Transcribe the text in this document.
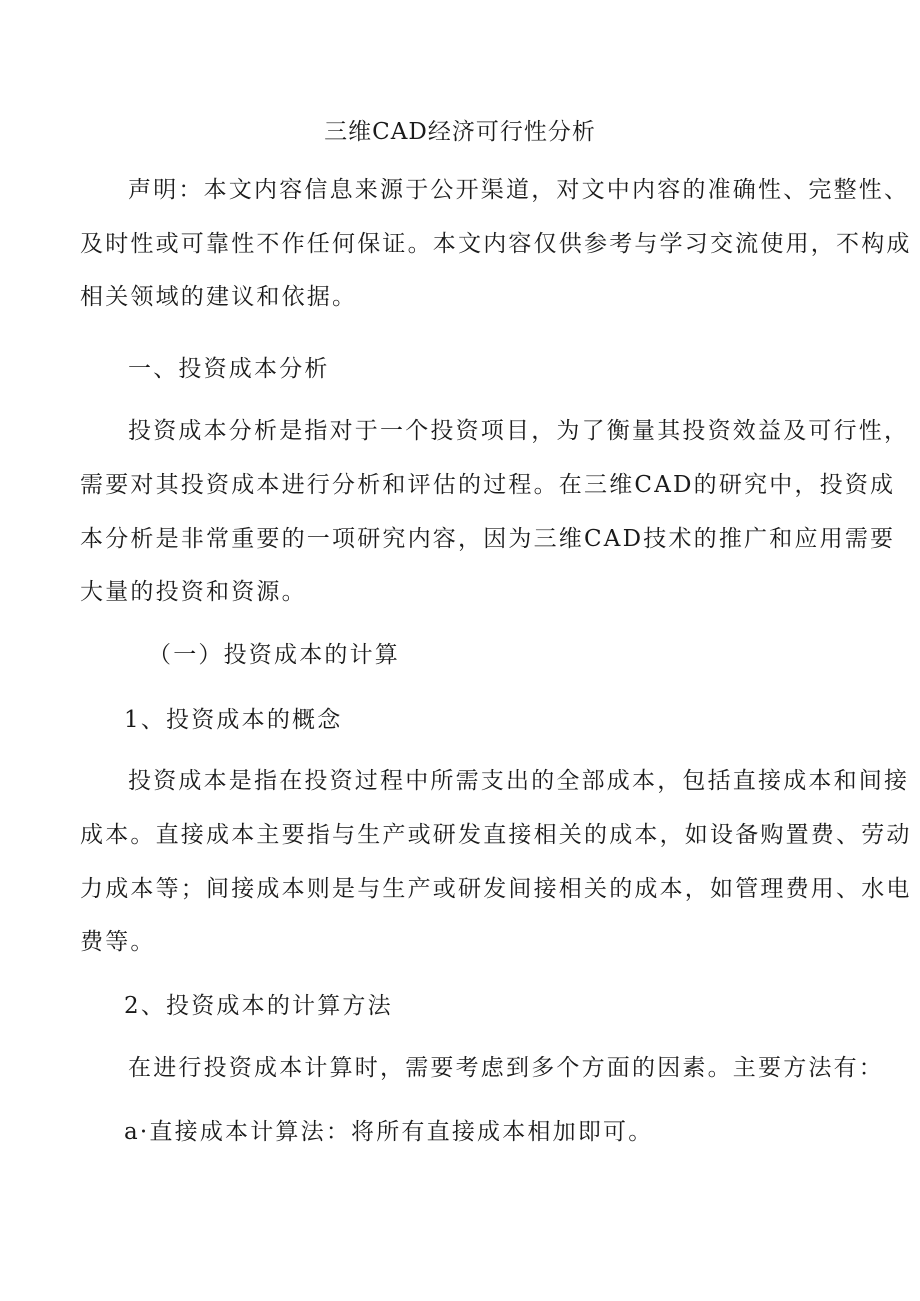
三维CAD经济可行性分析
声明：本文内容信息来源于公开渠道，对文中内容的准确性、完整性、
及时性或可靠性不作任何保证。本文内容仅供参考与学习交流使用，不构成
相关领域的建议和依据。
一、投资成本分析
投资成本分析是指对于一个投资项目，为了衡量其投资效益及可行性，
需要对其投资成本进行分析和评估的过程。在三维CAD的研究中，投资成
本分析是非常重要的一项研究内容，因为三维CAD技术的推广和应用需要
大量的投资和资源。
（一）投资成本的计算
1、投资成本的概念
投资成本是指在投资过程中所需支出的全部成本，包括直接成本和间接
成本。直接成本主要指与生产或研发直接相关的成本，如设备购置费、劳动
力成本等；间接成本则是与生产或研发间接相关的成本，如管理费用、水电
费等。
2、投资成本的计算方法
在进行投资成本计算时，需要考虑到多个方面的因素。主要方法有：
a·直接成本计算法：将所有直接成本相加即可。
